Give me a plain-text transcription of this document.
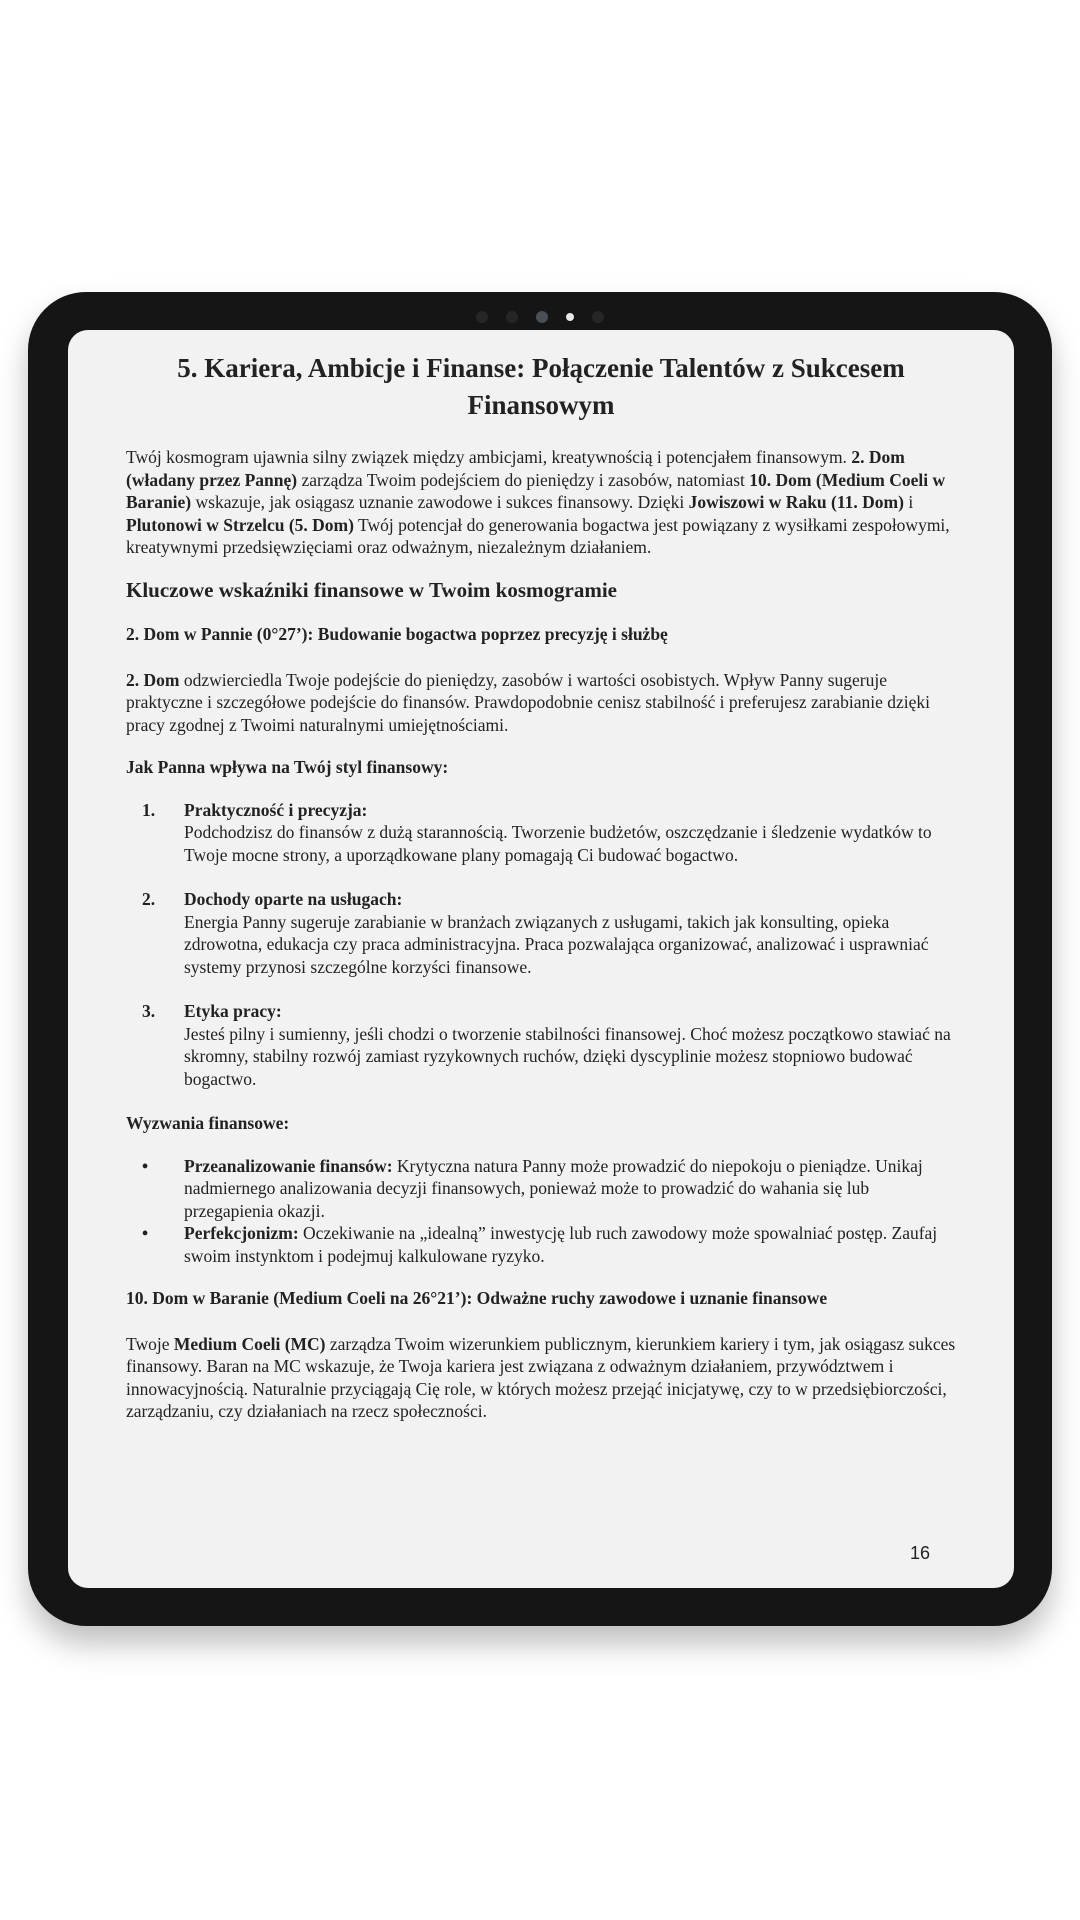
5. Kariera, Ambicje i Finanse: Połączenie Talentów z Sukcesem Finansowym

Twój kosmogram ujawnia silny związek między ambicjami, kreatywnością i potencjałem finansowym. 2. Dom (władany przez Pannę) zarządza Twoim podejściem do pieniędzy i zasobów, natomiast 10. Dom (Medium Coeli w Baranie) wskazuje, jak osiągasz uznanie zawodowe i sukces finansowy. Dzięki Jowiszowi w Raku (11. Dom) i Plutonowi w Strzelcu (5. Dom) Twój potencjał do generowania bogactwa jest powiązany z wysiłkami zespołowymi, kreatywnymi przedsięwzięciami oraz odważnym, niezależnym działaniem.

Kluczowe wskaźniki finansowe w Twoim kosmogramie
2. Dom w Pannie (0°27’): Budowanie bogactwa poprzez precyzję i służbę

2. Dom odzwierciedla Twoje podejście do pieniędzy, zasobów i wartości osobistych. Wpływ Panny sugeruje praktyczne i szczegółowe podejście do finansów. Prawdopodobnie cenisz stabilność i preferujesz zarabianie dzięki pracy zgodnej z Twoimi naturalnymi umiejętnościami.

Jak Panna wpływa na Twój styl finansowy:
1. Praktyczność i precyzja:
Podchodzisz do finansów z dużą starannością. Tworzenie budżetów, oszczędzanie i śledzenie wydatków to Twoje mocne strony, a uporządkowane plany pomagają Ci budować bogactwo.
2. Dochody oparte na usługach:
Energia Panny sugeruje zarabianie w branżach związanych z usługami, takich jak konsulting, opieka zdrowotna, edukacja czy praca administracyjna. Praca pozwalająca organizować, analizować i usprawniać systemy przynosi szczególne korzyści finansowe.
3. Etyka pracy:
Jesteś pilny i sumienny, jeśli chodzi o tworzenie stabilności finansowej. Choć możesz początkowo stawiać na skromny, stabilny rozwój zamiast ryzykownych ruchów, dzięki dyscyplinie możesz stopniowo budować bogactwo.
Wyzwania finansowe:
• Przeanalizowanie finansów: Krytyczna natura Panny może prowadzić do niepokoju o pieniądze. Unikaj nadmiernego analizowania decyzji finansowych, ponieważ może to prowadzić do wahania się lub przegapienia okazji.
• Perfekcjonizm: Oczekiwanie na „idealną” inwestycję lub ruch zawodowy może spowalniać postęp. Zaufaj swoim instynktom i podejmuj kalkulowane ryzyko.
10. Dom w Baranie (Medium Coeli na 26°21’): Odważne ruchy zawodowe i uznanie finansowe

Twoje Medium Coeli (MC) zarządza Twoim wizerunkiem publicznym, kierunkiem kariery i tym, jak osiągasz sukces finansowy. Baran na MC wskazuje, że Twoja kariera jest związana z odważnym działaniem, przywództwem i innowacyjnością. Naturalnie przyciągają Cię role, w których możesz przejąć inicjatywę, czy to w przedsiębiorczości, zarządzaniu, czy działaniach na rzecz społeczności.

16
